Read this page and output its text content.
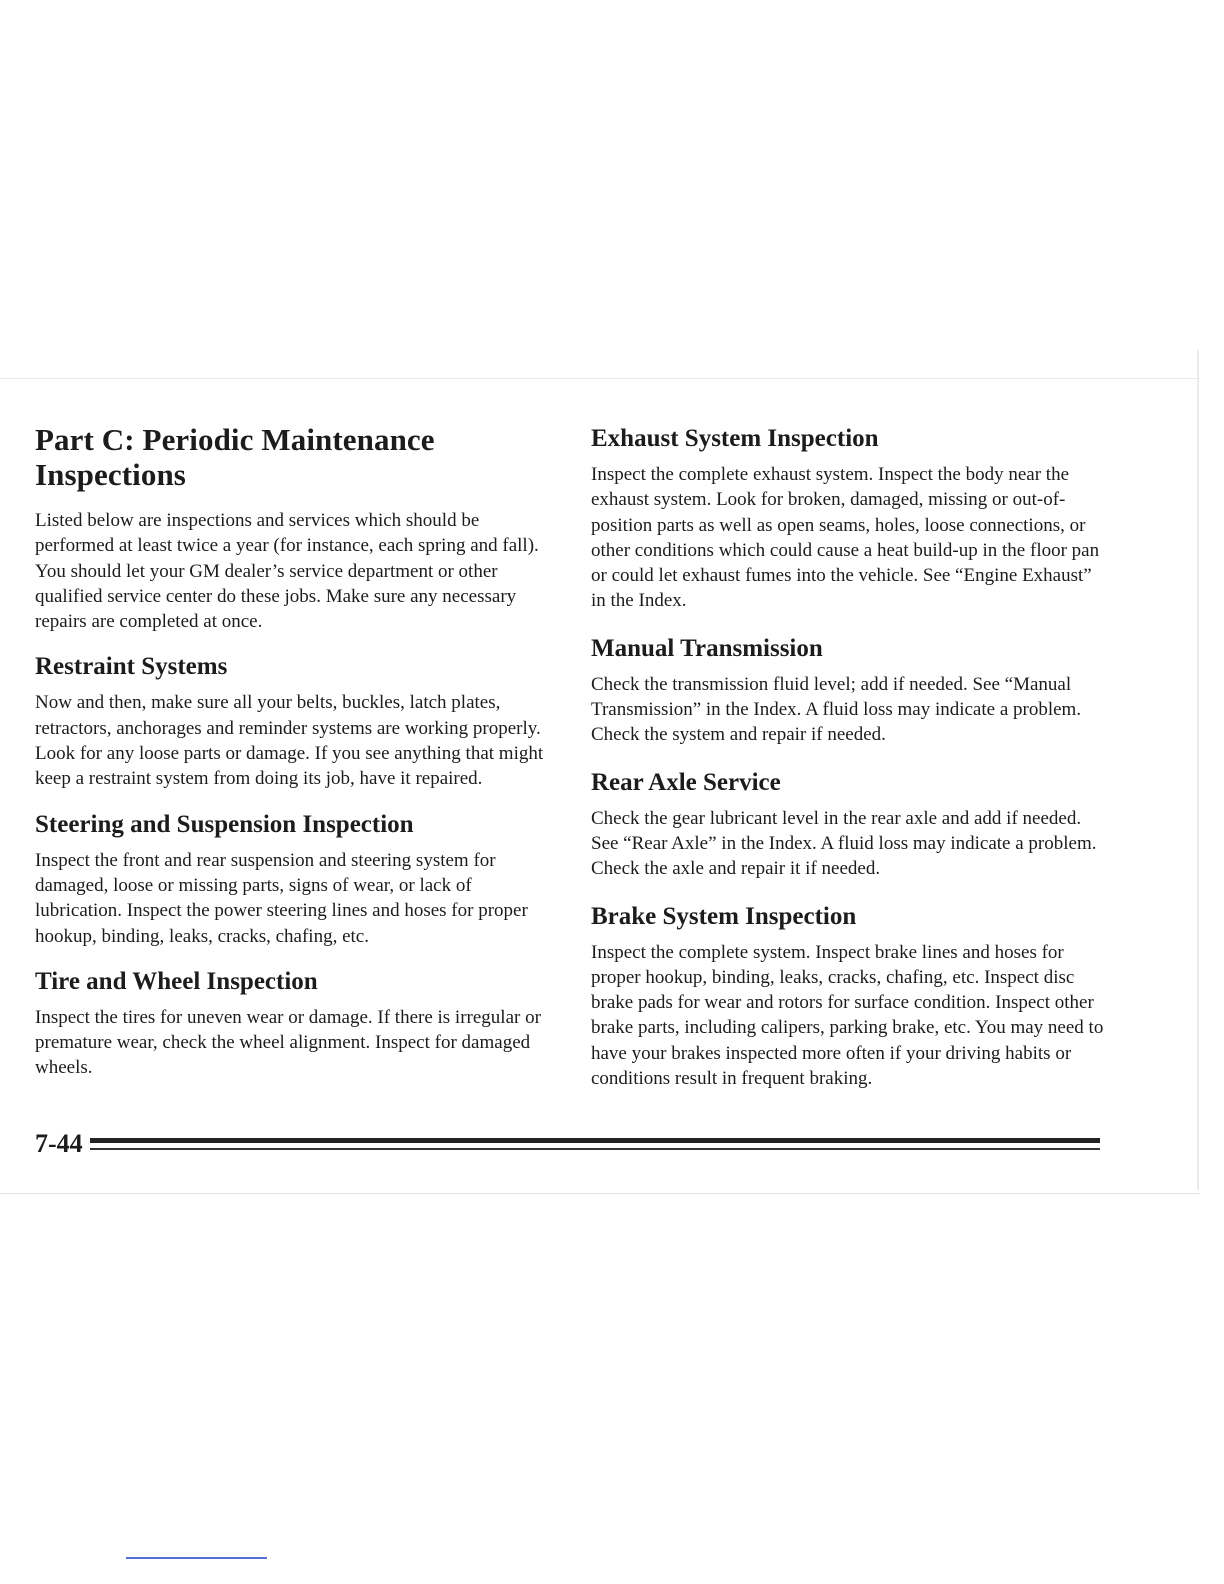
Part C: Periodic Maintenance Inspections

Listed below are inspections and services which should be performed at least twice a year (for instance, each spring and fall). You should let your GM dealer’s service department or other qualified service center do these jobs. Make sure any necessary repairs are completed at once.

Restraint Systems

Now and then, make sure all your belts, buckles, latch plates, retractors, anchorages and reminder systems are working properly. Look for any loose parts or damage. If you see anything that might keep a restraint system from doing its job, have it repaired.

Steering and Suspension Inspection

Inspect the front and rear suspension and steering system for damaged, loose or missing parts, signs of wear, or lack of lubrication. Inspect the power steering lines and hoses for proper hookup, binding, leaks, cracks, chafing, etc.

Tire and Wheel Inspection

Inspect the tires for uneven wear or damage. If there is irregular or premature wear, check the wheel alignment. Inspect for damaged wheels.

Exhaust System Inspection

Inspect the complete exhaust system. Inspect the body near the exhaust system. Look for broken, damaged, missing or out-of-position parts as well as open seams, holes, loose connections, or other conditions which could cause a heat build-up in the floor pan or could let exhaust fumes into the vehicle. See “Engine Exhaust” in the Index.

Manual Transmission

Check the transmission fluid level; add if needed. See “Manual Transmission” in the Index. A fluid loss may indicate a problem. Check the system and repair if needed.

Rear Axle Service

Check the gear lubricant level in the rear axle and add if needed. See “Rear Axle” in the Index. A fluid loss may indicate a problem. Check the axle and repair it if needed.

Brake System Inspection

Inspect the complete system. Inspect brake lines and hoses for proper hookup, binding, leaks, cracks, chafing, etc. Inspect disc brake pads for wear and rotors for surface condition. Inspect other brake parts, including calipers, parking brake, etc. You may need to have your brakes inspected more often if your driving habits or conditions result in frequent braking.

7-44
